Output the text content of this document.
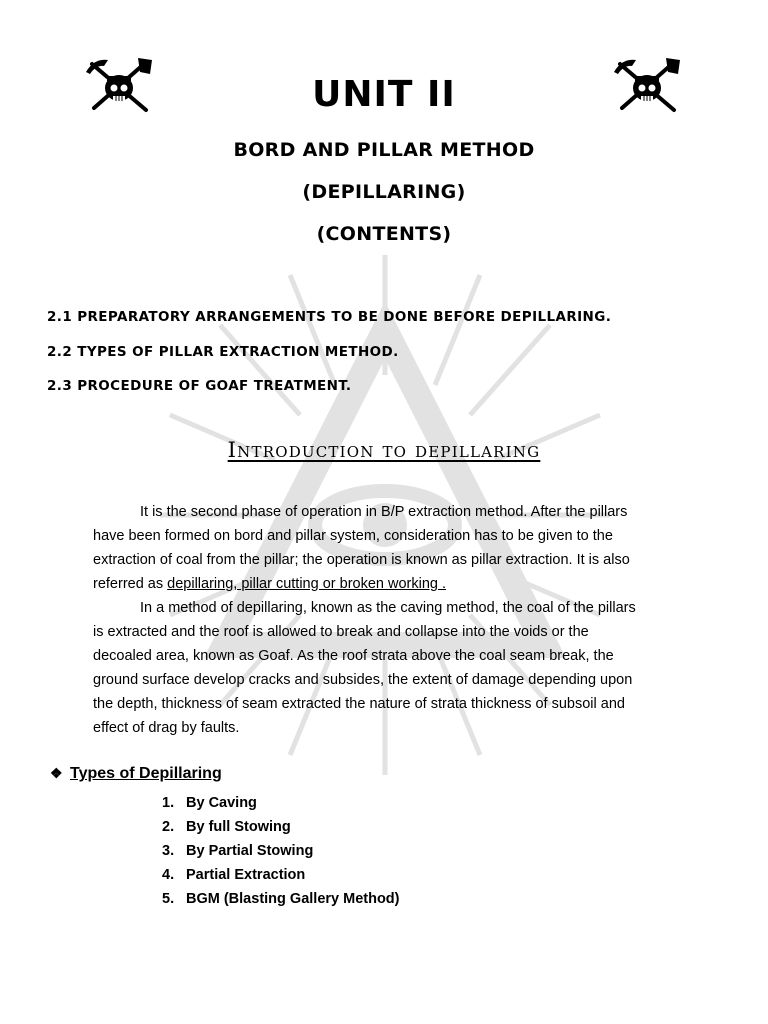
UNIT II
BORD AND PILLAR METHOD
(DEPILLARING)
(CONTENTS)
2.1 PREPARATORY ARRANGEMENTS TO BE DONE BEFORE DEPILLARING.
2.2 TYPES OF PILLAR EXTRACTION METHOD.
2.3 PROCEDURE OF GOAF TREATMENT.
Introduction to depillaring
It is the second phase of operation in B/P extraction method. After the pillars
have been formed on bord and pillar system, consideration has to be given to the
extraction of coal from the pillar; the operation is known as pillar extraction. It is also
referred as depillaring, pillar cutting or broken working .
In a method of depillaring, known as the caving method, the coal of the pillars
is extracted and the roof is allowed to break and collapse into the voids or the
decoaled area, known as Goaf. As the roof strata above the coal seam break, the
ground surface develop cracks and subsides, the extent of damage depending upon
the depth, thickness of seam extracted the nature of strata thickness of subsoil and
effect of drag by faults.
❖ Types of Depillaring
1. By Caving
2. By full Stowing
3. By Partial Stowing
4. Partial Extraction
5. BGM (Blasting Gallery Method)
